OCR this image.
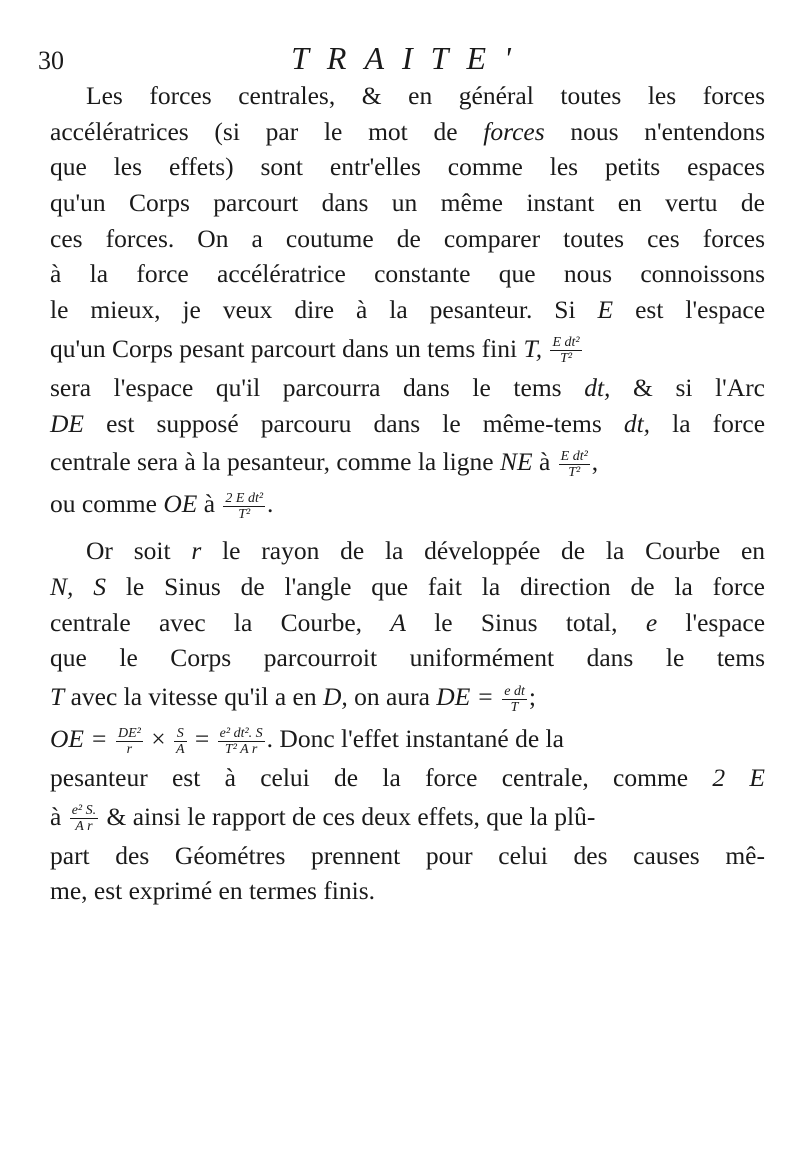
30	TRAITE'
Les forces centrales, & en général toutes les forces
accélératrices (si par le mot de forces nous n'entendons
que les effets) sont entr'elles comme les petits espaces
qu'un Corps parcourt dans un même instant en vertu de
ces forces. On a coutume de comparer toutes ces forces
à la force accélératrice constante que nous connoissons
le mieux, je veux dire à la pesanteur. Si E est l'espace
qu'un Corps pesant parcourt dans un tems fini T, $\frac{\text{E dt²}}{\text{T²}}$
sera l'espace qu'il parcourra dans le tems dt, & si l'Arc
DE est supposé parcouru dans le même-tems dt, la force
centrale sera à la pesanteur, comme la ligne NE à $\frac{\text{E dt²}}{\text{T²}}$ ,
ou comme OE à $\frac{\text{2 E dt²}}{\text{T²}}$ .
Or soit r le rayon de la développée de la Courbe en
N, S le Sinus de l'angle que fait la direction de la force
centrale avec la Courbe, A le Sinus total, e l'espace
que le Corps parcourroit uniformément dans le tems
T avec la vitesse qu'il a en D, on aura DE = $\frac{\text{e dt}}{T}$ ;
OE = $\frac{\text{DE²}}{r} \times \frac{S}{A} = \frac{\text{e² dt². S}}{\text{T² A r}}$ . Donc l'effet instantané de la
pesanteur est à celui de la force centrale, comme 2 E
à $\frac{\text{e² S.}}{\text{A r}}$ & ainsi le rapport de ces deux effets, que la plû-
part des Géométres prennent pour celui des causes mê-
me, est exprimé en termes finis.
